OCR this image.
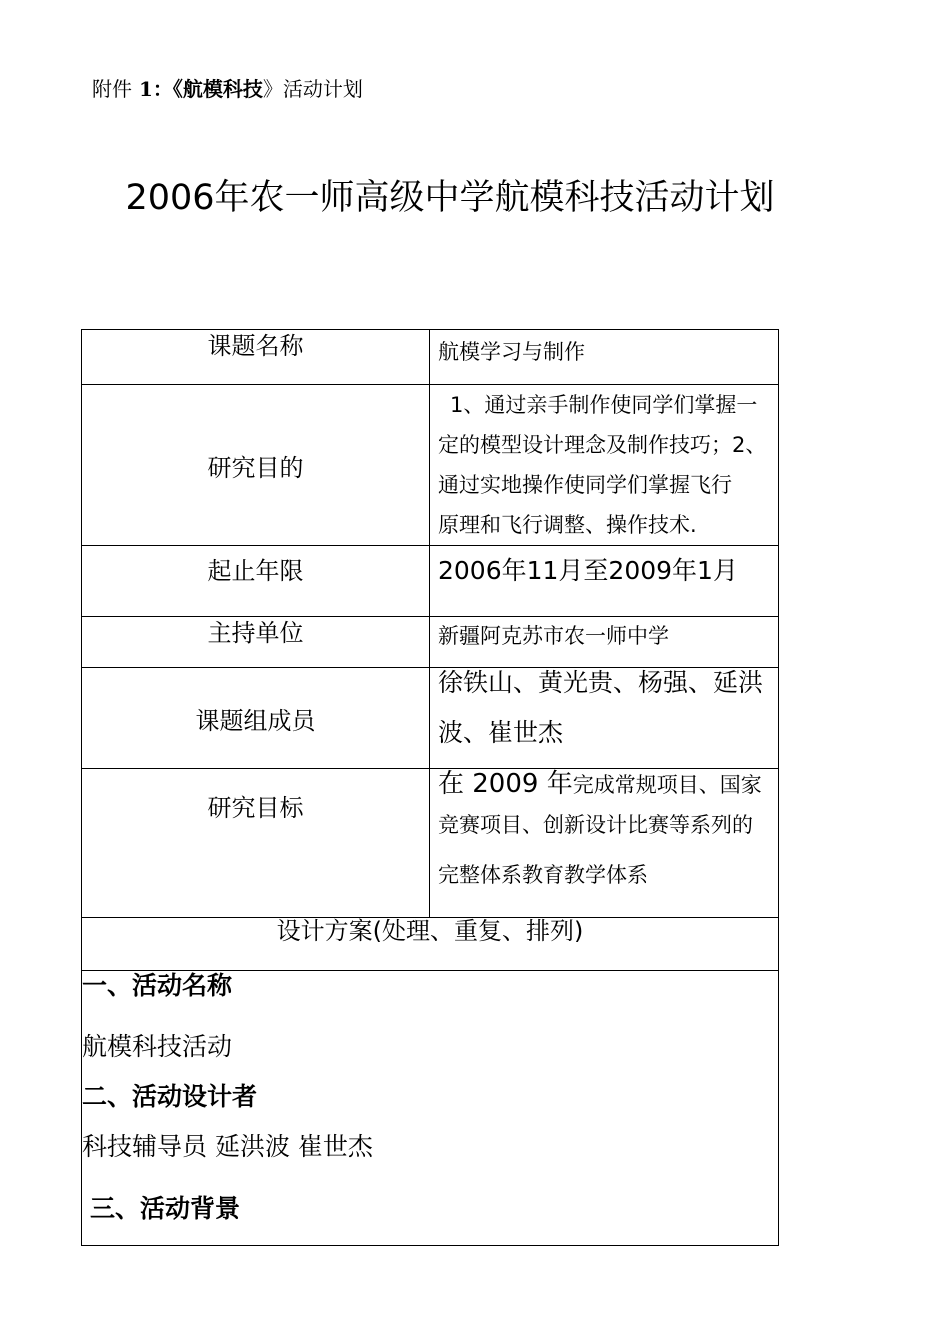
附件 1：《航模科技》活动计划
2006年农一师高级中学航模科技活动计划
课题名称	航模学习与制作

研究目的	1、通过亲手制作使同学们掌握一
定的模型设计理念及制作技巧；2、
通过实地操作使同学们掌握飞行
原理和飞行调整、操作技术.

起止年限	2006年11月至2009年1月

主持单位	新疆阿克苏市农一师中学

课题组成员	徐铁山、黄光贵、杨强、延洪
波、崔世杰

研究目标	在 2009 年完成常规项目、国家
竞赛项目、创新设计比赛等系列的
完整体系教育教学体系

设计方案(处理、重复、排列)	

一、活动名称
航模科技活动
二、活动设计者
科技辅导员 延洪波 崔世杰
三、活动背景	
